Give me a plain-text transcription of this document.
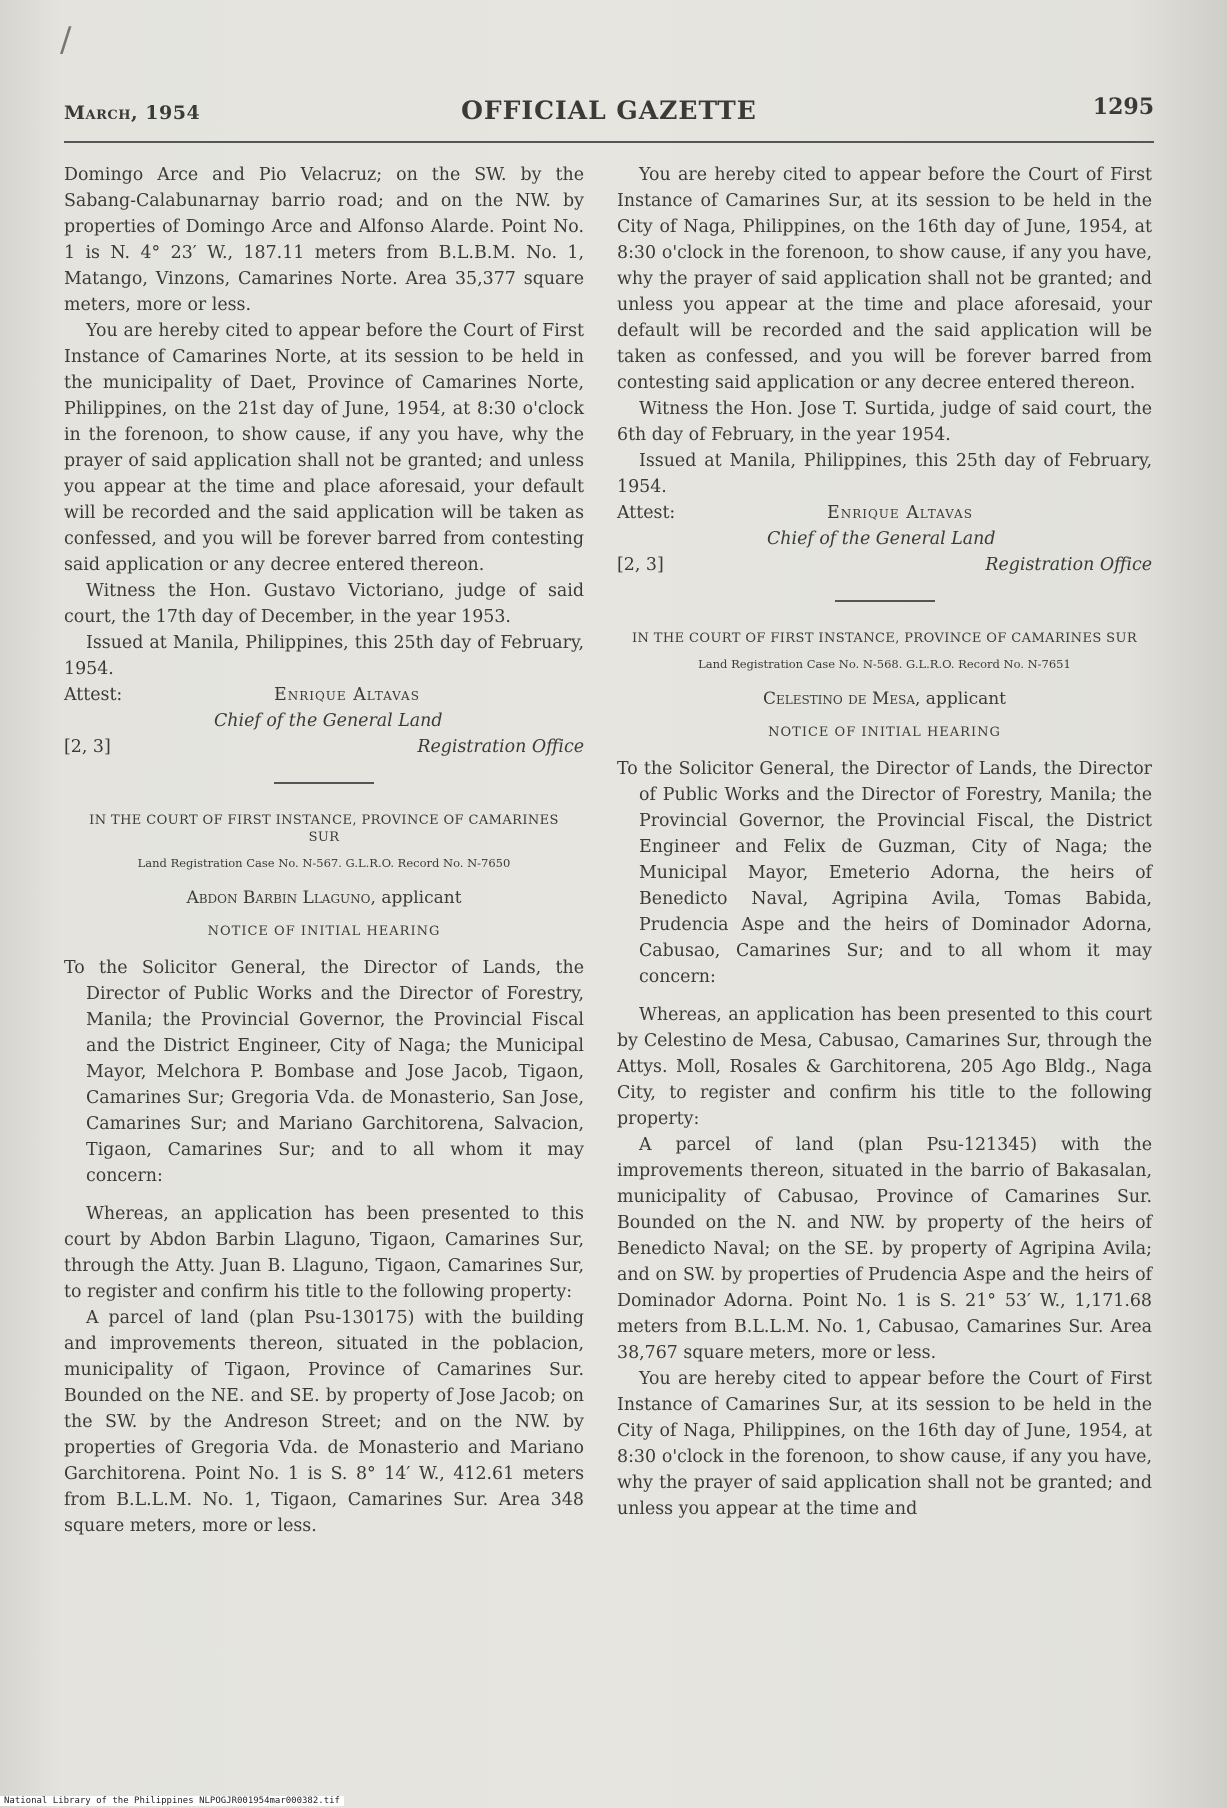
/
March, 1954	OFFICIAL GAZETTE	1295

Domingo Arce and Pio Velacruz; on the SW. by the Sabang-Calabunarnay barrio road; and on the NW. by properties of Domingo Arce and Alfonso Alarde. Point No. 1 is N. 4° 23′ W., 187.11 meters from B.L.B.M. No. 1, Matango, Vinzons, Camarines Norte. Area 35,377 square meters, more or less.

You are hereby cited to appear before the Court of First Instance of Camarines Norte, at its session to be held in the municipality of Daet, Province of Camarines Norte, Philippines, on the 21st day of June, 1954, at 8:30 o'clock in the forenoon, to show cause, if any you have, why the prayer of said application shall not be granted; and unless you appear at the time and place aforesaid, your default will be recorded and the said application will be taken as confessed, and you will be forever barred from contesting said application or any decree entered thereon.

Witness the Hon. Gustavo Victoriano, judge of said court, the 17th day of December, in the year 1953.

Issued at Manila, Philippines, this 25th day of February, 1954.

Attest:	Enrique Altavas
Chief of the General Land
[2, 3]	Registration Office
IN THE COURT OF FIRST INSTANCE, PROVINCE OF CAMARINES SUR
Land Registration Case No. N-567. G.L.R.O. Record No. N-7650
Abdon Barbin Llaguno, applicant
NOTICE OF INITIAL HEARING
To the Solicitor General, the Director of Lands, the Director of Public Works and the Director of Forestry, Manila; the Provincial Governor, the Provincial Fiscal and the District Engineer, City of Naga; the Municipal Mayor, Melchora P. Bombase and Jose Jacob, Tigaon, Camarines Sur; Gregoria Vda. de Monasterio, San Jose, Camarines Sur; and Mariano Garchitorena, Salvacion, Tigaon, Camarines Sur; and to all whom it may concern:

Whereas, an application has been presented to this court by Abdon Barbin Llaguno, Tigaon, Camarines Sur, through the Atty. Juan B. Llaguno, Tigaon, Camarines Sur, to register and confirm his title to the following property:

A parcel of land (plan Psu-130175) with the building and improvements thereon, situated in the poblacion, municipality of Tigaon, Province of Camarines Sur. Bounded on the NE. and SE. by property of Jose Jacob; on the SW. by the Andreson Street; and on the NW. by properties of Gregoria Vda. de Monasterio and Mariano Garchitorena. Point No. 1 is S. 8° 14′ W., 412.61 meters from B.L.L.M. No. 1, Tigaon, Camarines Sur. Area 348 square meters, more or less.

You are hereby cited to appear before the Court of First Instance of Camarines Sur, at its session to be held in the City of Naga, Philippines, on the 16th day of June, 1954, at 8:30 o'clock in the forenoon, to show cause, if any you have, why the prayer of said application shall not be granted; and unless you appear at the time and place aforesaid, your default will be recorded and the said application will be taken as confessed, and you will be forever barred from contesting said application or any decree entered thereon.

Witness the Hon. Jose T. Surtida, judge of said court, the 6th day of February, in the year 1954.

Issued at Manila, Philippines, this 25th day of February, 1954.

Attest:	Enrique Altavas
Chief of the General Land
[2, 3]	Registration Office
IN THE COURT OF FIRST INSTANCE, PROVINCE OF CAMARINES SUR
Land Registration Case No. N-568. G.L.R.O. Record No. N-7651
Celestino de Mesa, applicant
NOTICE OF INITIAL HEARING
To the Solicitor General, the Director of Lands, the Director of Public Works and the Director of Forestry, Manila; the Provincial Governor, the Provincial Fiscal, the District Engineer and Felix de Guzman, City of Naga; the Municipal Mayor, Emeterio Adorna, the heirs of Benedicto Naval, Agripina Avila, Tomas Babida, Prudencia Aspe and the heirs of Dominador Adorna, Cabusao, Camarines Sur; and to all whom it may concern:

Whereas, an application has been presented to this court by Celestino de Mesa, Cabusao, Camarines Sur, through the Attys. Moll, Rosales & Garchitorena, 205 Ago Bldg., Naga City, to register and confirm his title to the following property:

A parcel of land (plan Psu-121345) with the improvements thereon, situated in the barrio of Bakasalan, municipality of Cabusao, Province of Camarines Sur. Bounded on the N. and NW. by property of the heirs of Benedicto Naval; on the SE. by property of Agripina Avila; and on SW. by properties of Prudencia Aspe and the heirs of Dominador Adorna. Point No. 1 is S. 21° 53′ W., 1,171.68 meters from B.L.L.M. No. 1, Cabusao, Camarines Sur. Area 38,767 square meters, more or less.

You are hereby cited to appear before the Court of First Instance of Camarines Sur, at its session to be held in the City of Naga, Philippines, on the 16th day of June, 1954, at 8:30 o'clock in the forenoon, to show cause, if any you have, why the prayer of said application shall not be granted; and unless you appear at the time and

National Library of the Philippines NLPOGJR001954mar000382.tif
